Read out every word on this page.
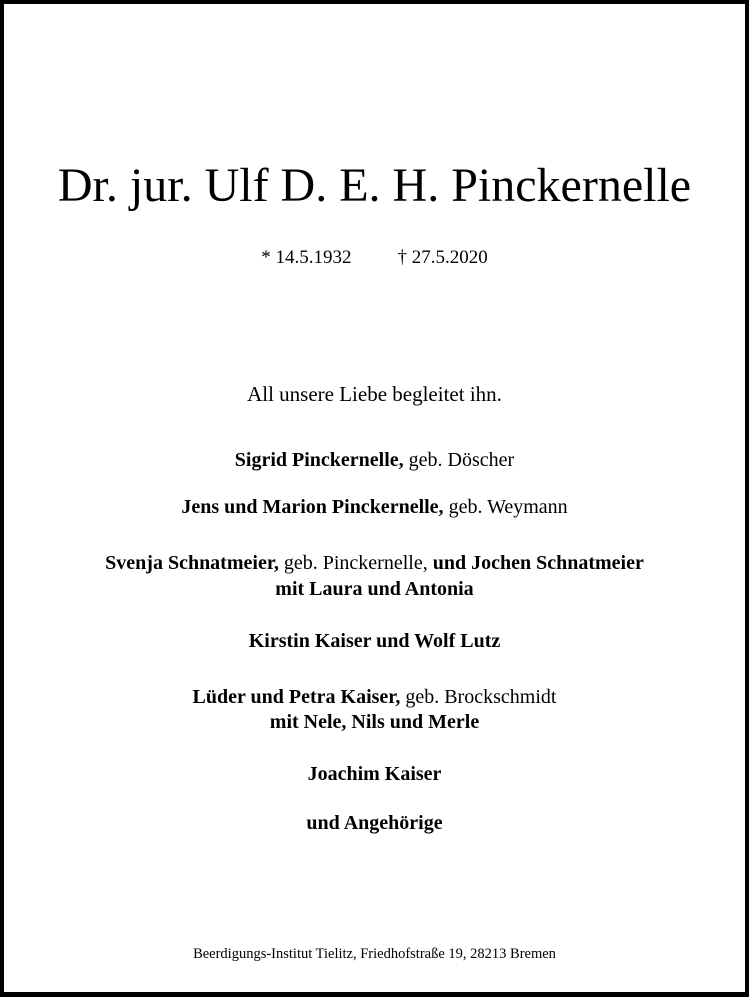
Dr. jur. Ulf D. E. H. Pinckernelle
* 14.5.1932 † 27.5.2020
All unsere Liebe begleitet ihn.
Sigrid Pinckernelle, geb. Döscher
Jens und Marion Pinckernelle, geb. Weymann
Svenja Schnatmeier, geb. Pinckernelle, und Jochen Schnatmeier
mit Laura und Antonia
Kirstin Kaiser und Wolf Lutz
Lüder und Petra Kaiser, geb. Brockschmidt
mit Nele, Nils und Merle
Joachim Kaiser
und Angehörige
Beerdigungs-Institut Tielitz, Friedhofstraße 19, 28213 Bremen
